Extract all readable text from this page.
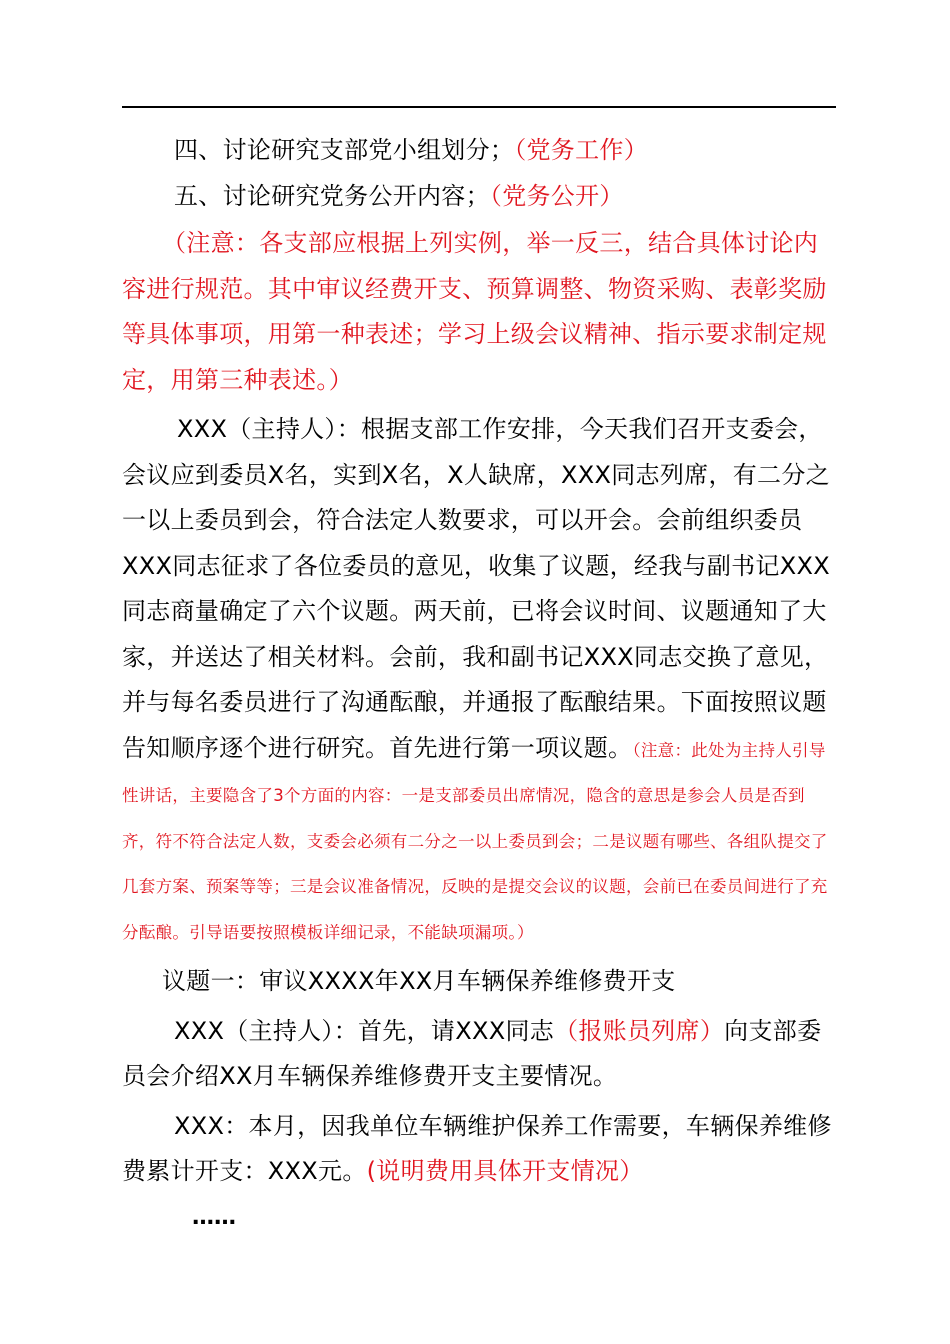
四、讨论研究支部党小组划分；（党务工作）

五、讨论研究党务公开内容；（党务公开）

（注意：各支部应根据上列实例，举一反三，结合具体讨论内容进行规范。其中审议经费开支、预算调整、物资采购、表彰奖励等具体事项，用第一种表述；学习上级会议精神、指示要求制定规定，用第三种表述。）

XXX（主持人）：根据支部工作安排，今天我们召开支委会，会议应到委员X名，实到X名，X人缺席，XXX同志列席，有二分之一以上委员到会，符合法定人数要求，可以开会。会前组织委员XXX同志征求了各位委员的意见，收集了议题，经我与副书记XXX同志商量确定了六个议题。两天前，已将会议时间、议题通知了大家，并送达了相关材料。会前，我和副书记XXX同志交换了意见，并与每名委员进行了沟通酝酿，并通报了酝酿结果。下面按照议题告知顺序逐个进行研究。首先进行第一项议题。（注意：此处为主持人引导性讲话，主要隐含了3个方面的内容：一是支部委员出席情况，隐含的意思是参会人员是否到齐，符不符合法定人数，支委会必须有二分之一以上委员到会；二是议题有哪些、各组队提交了几套方案、预案等等；三是会议准备情况，反映的是提交会议的议题，会前已在委员间进行了充分酝酿。引导语要按照模板详细记录，不能缺项漏项。）

议题一：审议XXXX年XX月车辆保养维修费开支

XXX（主持人）：首先，请XXX同志（报账员列席）向支部委员会介绍XX月车辆保养维修费开支主要情况。

XXX：本月，因我单位车辆维护保养工作需要，车辆保养维修费累计开支：XXX元。(说明费用具体开支情况）

……
